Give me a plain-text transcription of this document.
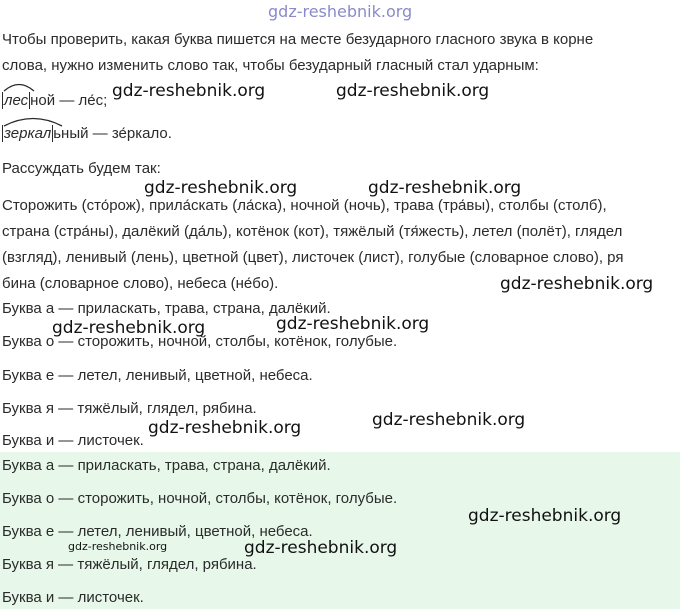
gdz-reshebnik.org
Чтобы проверить, какая буква пишется на месте безударного гласного звука в корне
слова, нужно изменить слово так, чтобы безударный гласный стал ударным:
лес ной — ле́с;
зеркал ьный — зе́ркало.
Рассуждать будем так:
Сторожить (сто́рож), прила́скать (ла́ска), ночной (ночь), трава (тра́вы), столбы (столб),
страна (стра́ны), далёкий (да́ль), котёнок (кот), тяжёлый (тя́жесть), летел (полёт), глядел
(взгляд), ленивый (лень), цветной (цвет), листочек (лист), голубые (словарное слово), ря
бина (словарное слово), небеса (не́бо).
Буква а — приласкать, трава, страна, далёкий.
Буква о — сторожить, ночной, столбы, котёнок, голубые.
Буква е — летел, ленивый, цветной, небеса.
Буква я — тяжёлый, глядел, рябина.
Буква и — листочек.
Буква а — приласкать, трава, страна, далёкий.
Буква о — сторожить, ночной, столбы, котёнок, голубые.
Буква е — летел, ленивый, цветной, небеса.
Буква я — тяжёлый, глядел, рябина.
Буква и — листочек.
gdz-reshebnik.org	gdz-reshebnik.org
gdz-reshebnik.org	gdz-reshebnik.org
gdz-reshebnik.org
gdz-reshebnik.org	gdz-reshebnik.org
gdz-reshebnik.org
gdz-reshebnik.org
gdz-reshebnik.org
gdz-reshebnik.org
gdz-reshebnik.org
